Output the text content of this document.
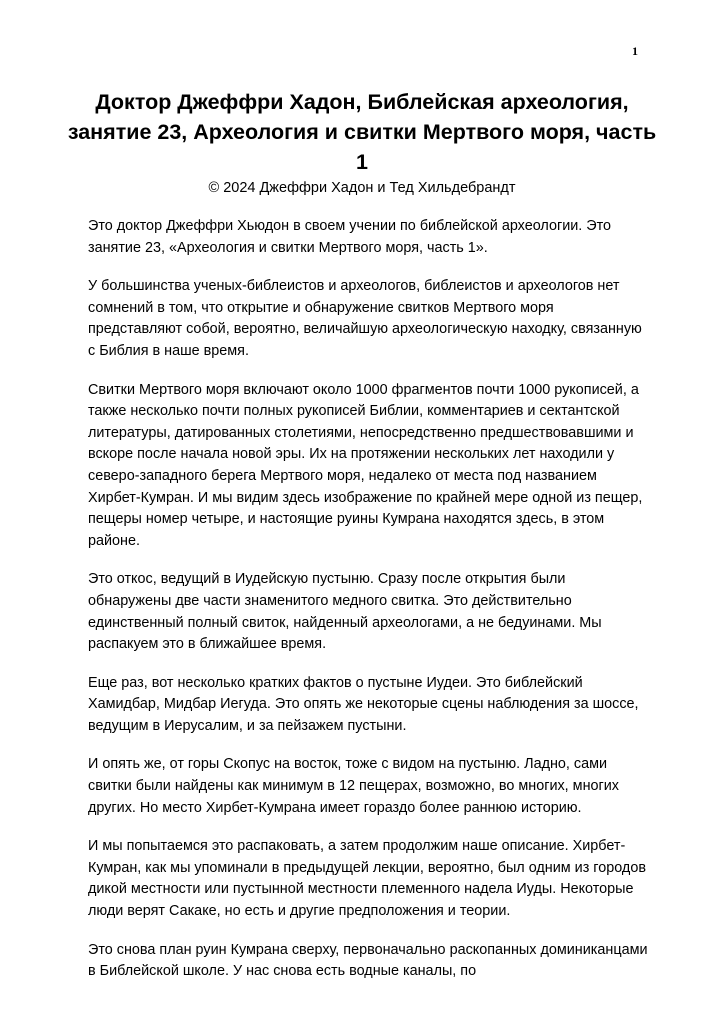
1
Доктор Джеффри Хадон, Библейская археология, занятие 23, Археология и свитки Мертвого моря, часть 1
© 2024 Джеффри Хадон и Тед Хильдебрандт

Это доктор Джеффри Хьюдон в своем учении по библейской археологии. Это занятие 23, «Археология и свитки Мертвого моря, часть 1».

У большинства ученых-библеистов и археологов, библеистов и археологов нет сомнений в том, что открытие и обнаружение свитков Мертвого моря представляют собой, вероятно, величайшую археологическую находку, связанную с Библия в наше время.

Свитки Мертвого моря включают около 1000 фрагментов почти 1000 рукописей, а также несколько почти полных рукописей Библии, комментариев и сектантской литературы, датированных столетиями, непосредственно предшествовавшими и вскоре после начала новой эры. Их на протяжении нескольких лет находили у северо-западного берега Мертвого моря, недалеко от места под названием Хирбет-Кумран. И мы видим здесь изображение по крайней мере одной из пещер, пещеры номер четыре, и настоящие руины Кумрана находятся здесь, в этом районе.

Это откос, ведущий в Иудейскую пустыню. Сразу после открытия были обнаружены две части знаменитого медного свитка. Это действительно единственный полный свиток, найденный археологами, а не бедуинами. Мы распакуем это в ближайшее время.

Еще раз, вот несколько кратких фактов о пустыне Иудеи. Это библейский Хамидбар, Мидбар Иегуда. Это опять же некоторые сцены наблюдения за шоссе, ведущим в Иерусалим, и за пейзажем пустыни.

И опять же, от горы Скопус на восток, тоже с видом на пустыню. Ладно, сами свитки были найдены как минимум в 12 пещерах, возможно, во многих, многих других. Но место Хирбет-Кумрана имеет гораздо более раннюю историю.

И мы попытаемся это распаковать, а затем продолжим наше описание. Хирбет-Кумран, как мы упоминали в предыдущей лекции, вероятно, был одним из городов дикой местности или пустынной местности племенного надела Иуды. Некоторые люди верят Сакаке, но есть и другие предположения и теории.

Это снова план руин Кумрана сверху, первоначально раскопанных доминиканцами в Библейской школе. У нас снова есть водные каналы, по
